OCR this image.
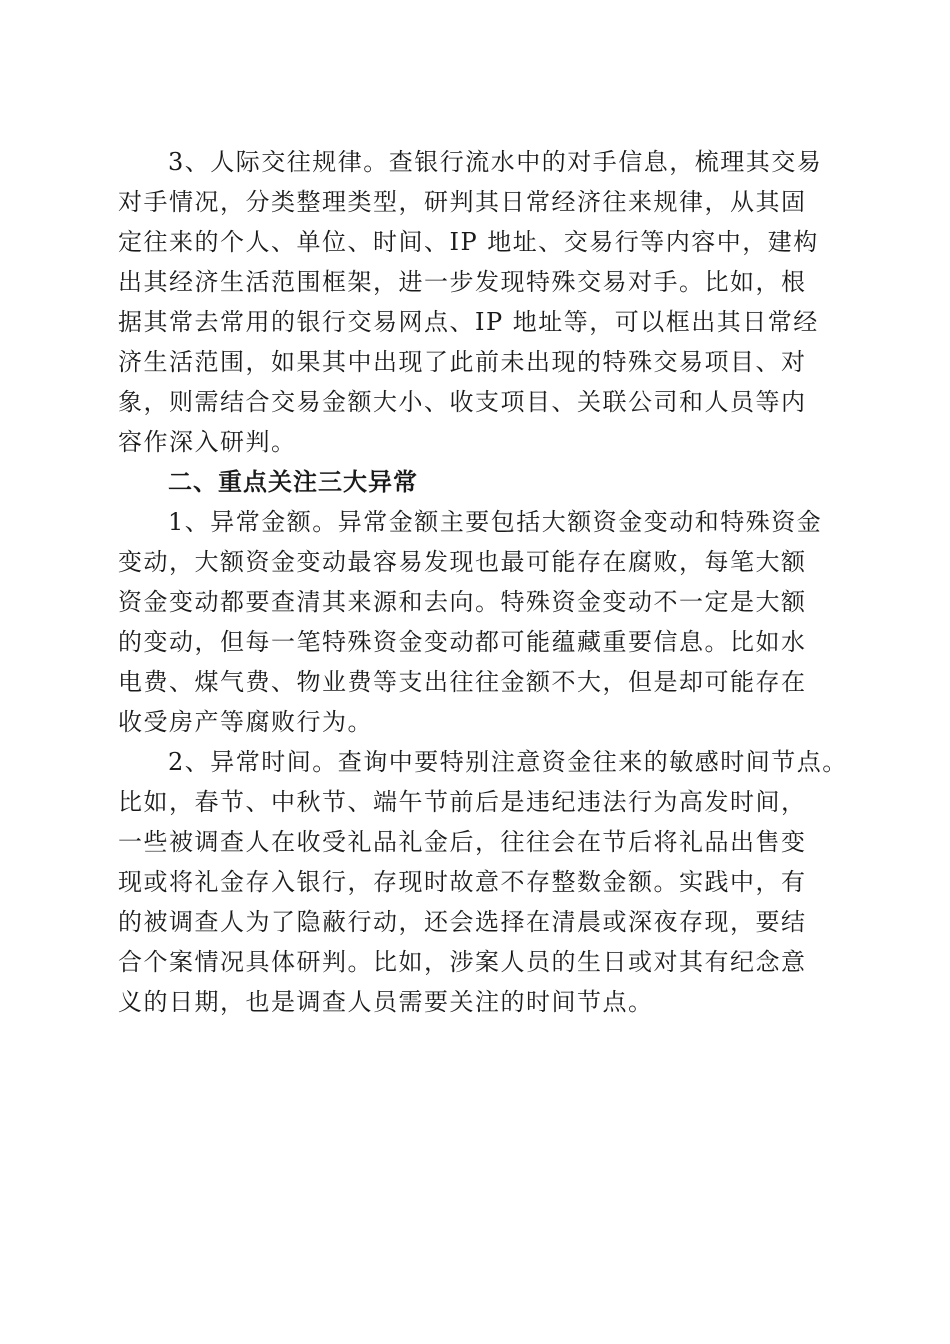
3、人际交往规律。查银行流水中的对手信息，梳理其交易
对手情况，分类整理类型，研判其日常经济往来规律，从其固
定往来的个人、单位、时间、IP 地址、交易行等内容中，建构
出其经济生活范围框架，进一步发现特殊交易对手。比如，根
据其常去常用的银行交易网点、IP 地址等，可以框出其日常经
济生活范围，如果其中出现了此前未出现的特殊交易项目、对
象，则需结合交易金额大小、收支项目、关联公司和人员等内
容作深入研判。
二、重点关注三大异常
1、异常金额。异常金额主要包括大额资金变动和特殊资金
变动，大额资金变动最容易发现也最可能存在腐败，每笔大额
资金变动都要查清其来源和去向。特殊资金变动不一定是大额
的变动，但每一笔特殊资金变动都可能蕴藏重要信息。比如水
电费、煤气费、物业费等支出往往金额不大，但是却可能存在
收受房产等腐败行为。
2、异常时间。查询中要特别注意资金往来的敏感时间节点。
比如，春节、中秋节、端午节前后是违纪违法行为高发时间，
一些被调查人在收受礼品礼金后，往往会在节后将礼品出售变
现或将礼金存入银行，存现时故意不存整数金额。实践中，有
的被调查人为了隐蔽行动，还会选择在清晨或深夜存现，要结
合个案情况具体研判。比如，涉案人员的生日或对其有纪念意
义的日期，也是调查人员需要关注的时间节点。
